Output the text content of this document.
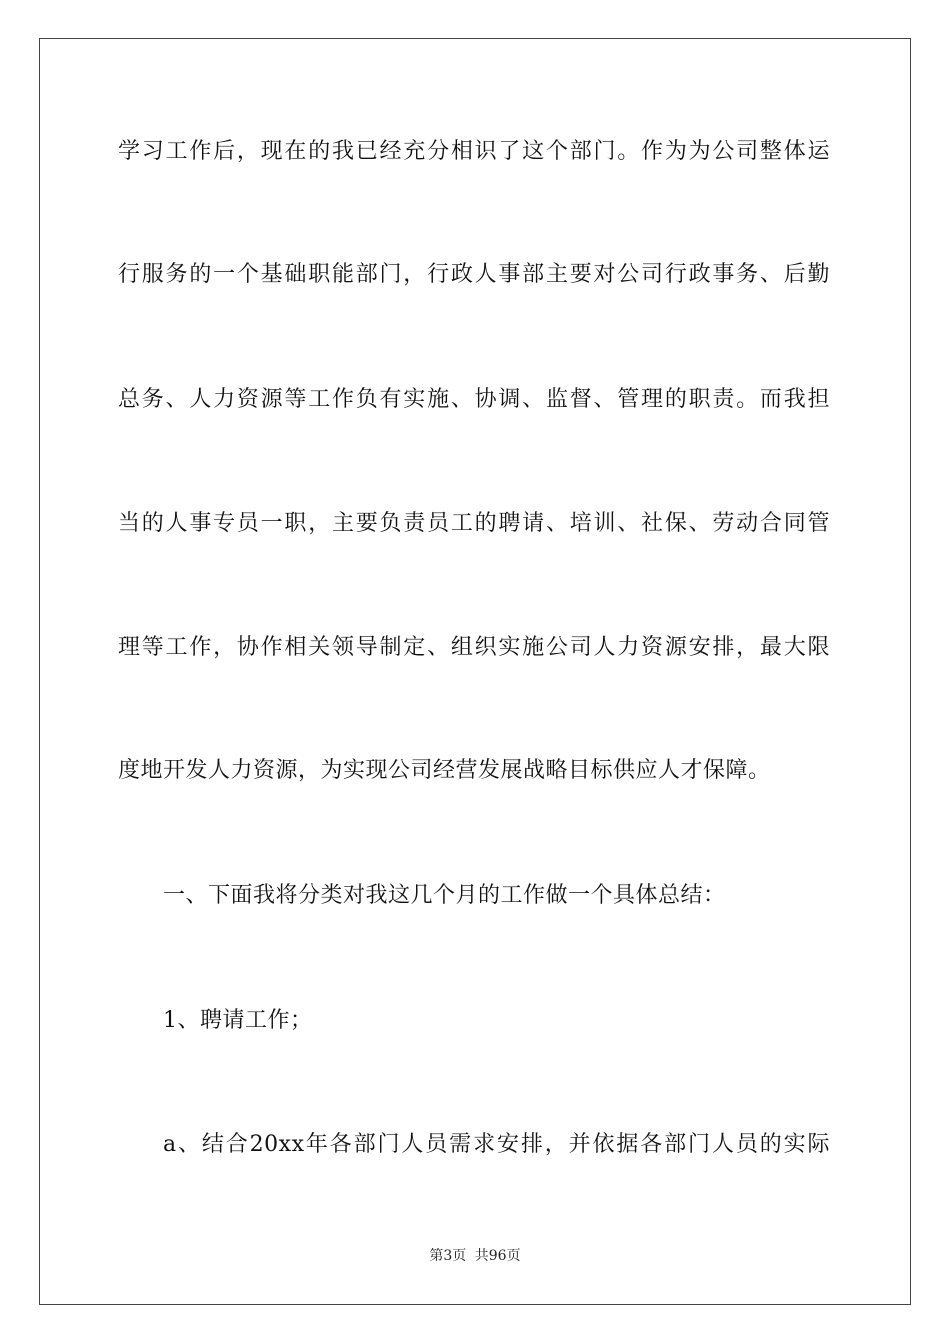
学习工作后，现在的我已经充分相识了这个部门。作为为公司整体运
行服务的一个基础职能部门，行政人事部主要对公司行政事务、后勤
总务、人力资源等工作负有实施、协调、监督、管理的职责。而我担
当的人事专员一职，主要负责员工的聘请、培训、社保、劳动合同管
理等工作，协作相关领导制定、组织实施公司人力资源安排，最大限
度地开发人力资源，为实现公司经营发展战略目标供应人才保障。
一、下面我将分类对我这几个月的工作做一个具体总结：
1、聘请工作；
a、结合20xx年各部门人员需求安排，并依据各部门人员的实际
第3页 共96页
